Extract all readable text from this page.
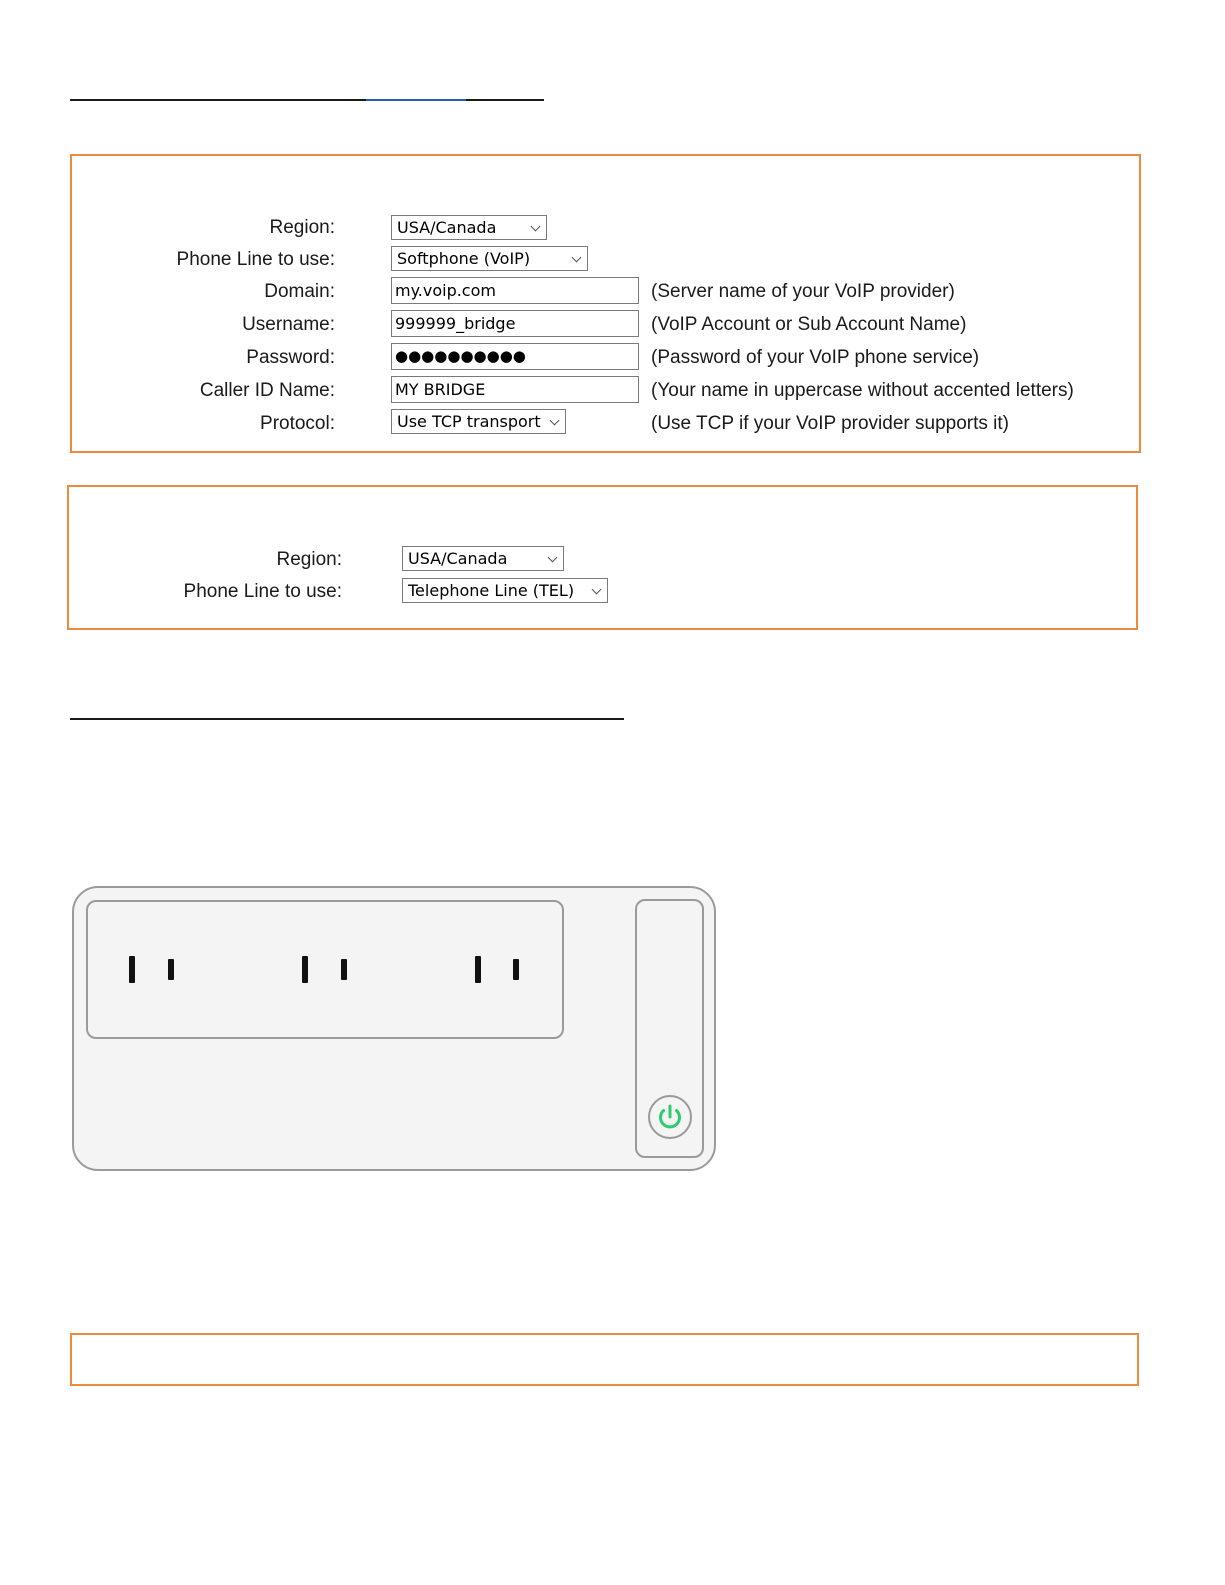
Region:	USA/Canada
Phone Line to use:	Softphone (VoIP)
Domain:	my.voip.com	(Server name of your VoIP provider)
Username:	999999_bridge	(VoIP Account or Sub Account Name)
Password:	●●●●●●●●●●	(Password of your VoIP phone service)
Caller ID Name:	MY BRIDGE	(Your name in uppercase without accented letters)
Protocol:	Use TCP transport	(Use TCP if your VoIP provider supports it)
Region:	USA/Canada
Phone Line to use:	Telephone Line (TEL)
